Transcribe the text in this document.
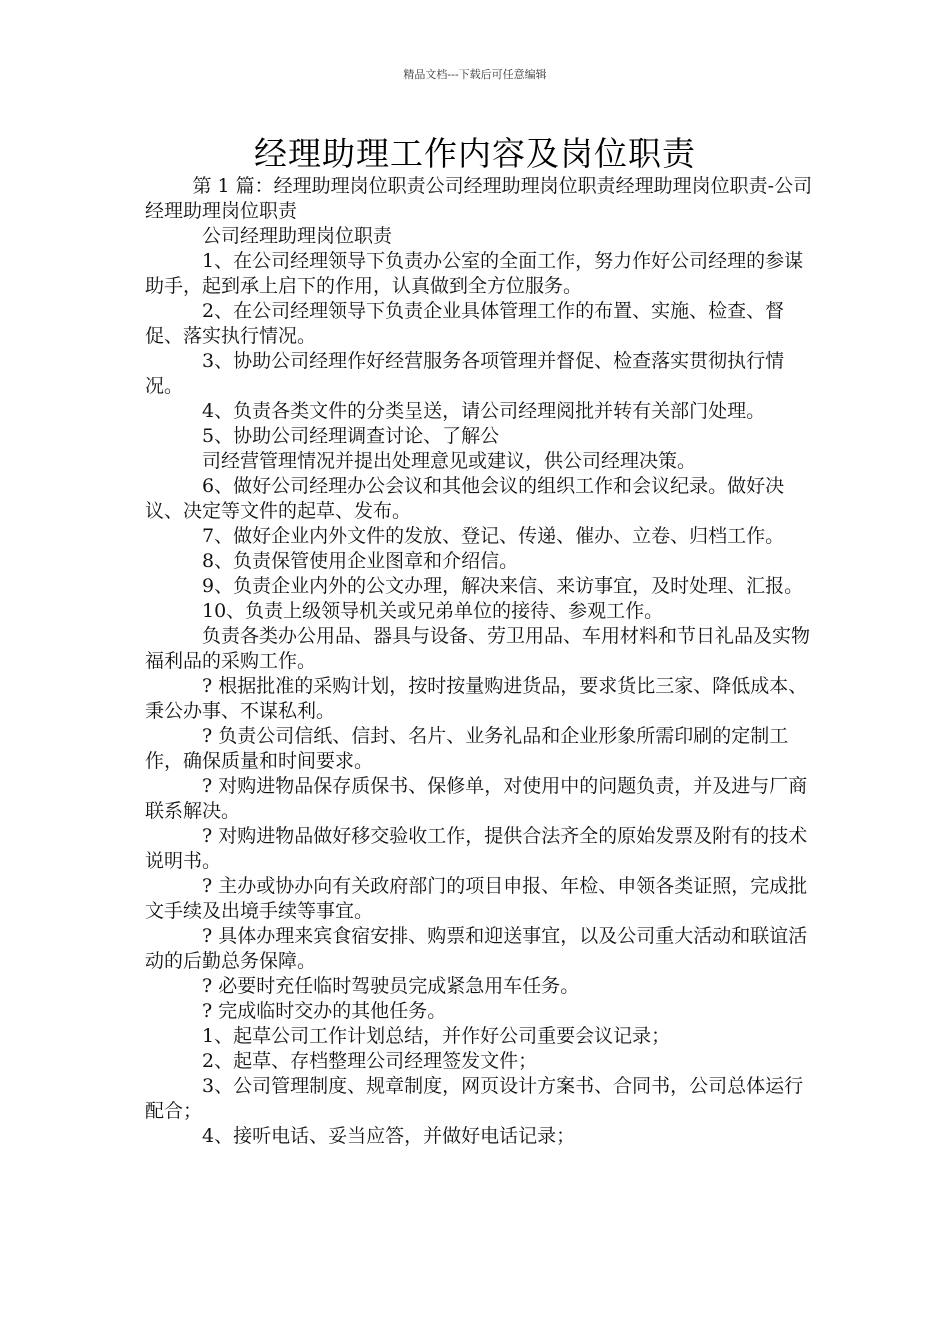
精品文档---下载后可任意编辑
经理助理工作内容及岗位职责

第 1 篇：经理助理岗位职责公司经理助理岗位职责经理助理岗位职责-公司经理助理岗位职责

公司经理助理岗位职责

1、在公司经理领导下负责办公室的全面工作，努力作好公司经理的参谋助手，起到承上启下的作用，认真做到全方位服务。

2、在公司经理领导下负责企业具体管理工作的布置、实施、检查、督促、落实执行情况。

3、协助公司经理作好经营服务各项管理并督促、检查落实贯彻执行情况。

4、负责各类文件的分类呈送，请公司经理阅批并转有关部门处理。

5、协助公司经理调查讨论、了解公

司经营管理情况并提出处理意见或建议，供公司经理决策。

6、做好公司经理办公会议和其他会议的组织工作和会议纪录。做好决议、决定等文件的起草、发布。

7、做好企业内外文件的发放、登记、传递、催办、立卷、归档工作。

8、负责保管使用企业图章和介绍信。

9、负责企业内外的公文办理，解决来信、来访事宜，及时处理、汇报。

10、负责上级领导机关或兄弟单位的接待、参观工作。

负责各类办公用品、器具与设备、劳卫用品、车用材料和节日礼品及实物福利品的采购工作。

? 根据批准的采购计划，按时按量购进货品，要求货比三家、降低成本、秉公办事、不谋私利。

? 负责公司信纸、信封、名片、业务礼品和企业形象所需印刷的定制工作，确保质量和时间要求。

? 对购进物品保存质保书、保修单，对使用中的问题负责，并及进与厂商联系解决。

? 对购进物品做好移交验收工作，提供合法齐全的原始发票及附有的技术说明书。

? 主办或协办向有关政府部门的项目申报、年检、申领各类证照，完成批文手续及出境手续等事宜。

? 具体办理来宾食宿安排、购票和迎送事宜，以及公司重大活动和联谊活动的后勤总务保障。

? 必要时充任临时驾驶员完成紧急用车任务。

? 完成临时交办的其他任务。

1、起草公司工作计划总结，并作好公司重要会议记录；

2、起草、存档整理公司经理签发文件；

3、公司管理制度、规章制度，网页设计方案书、合同书，公司总体运行配合；

4、接听电话、妥当应答，并做好电话记录；
